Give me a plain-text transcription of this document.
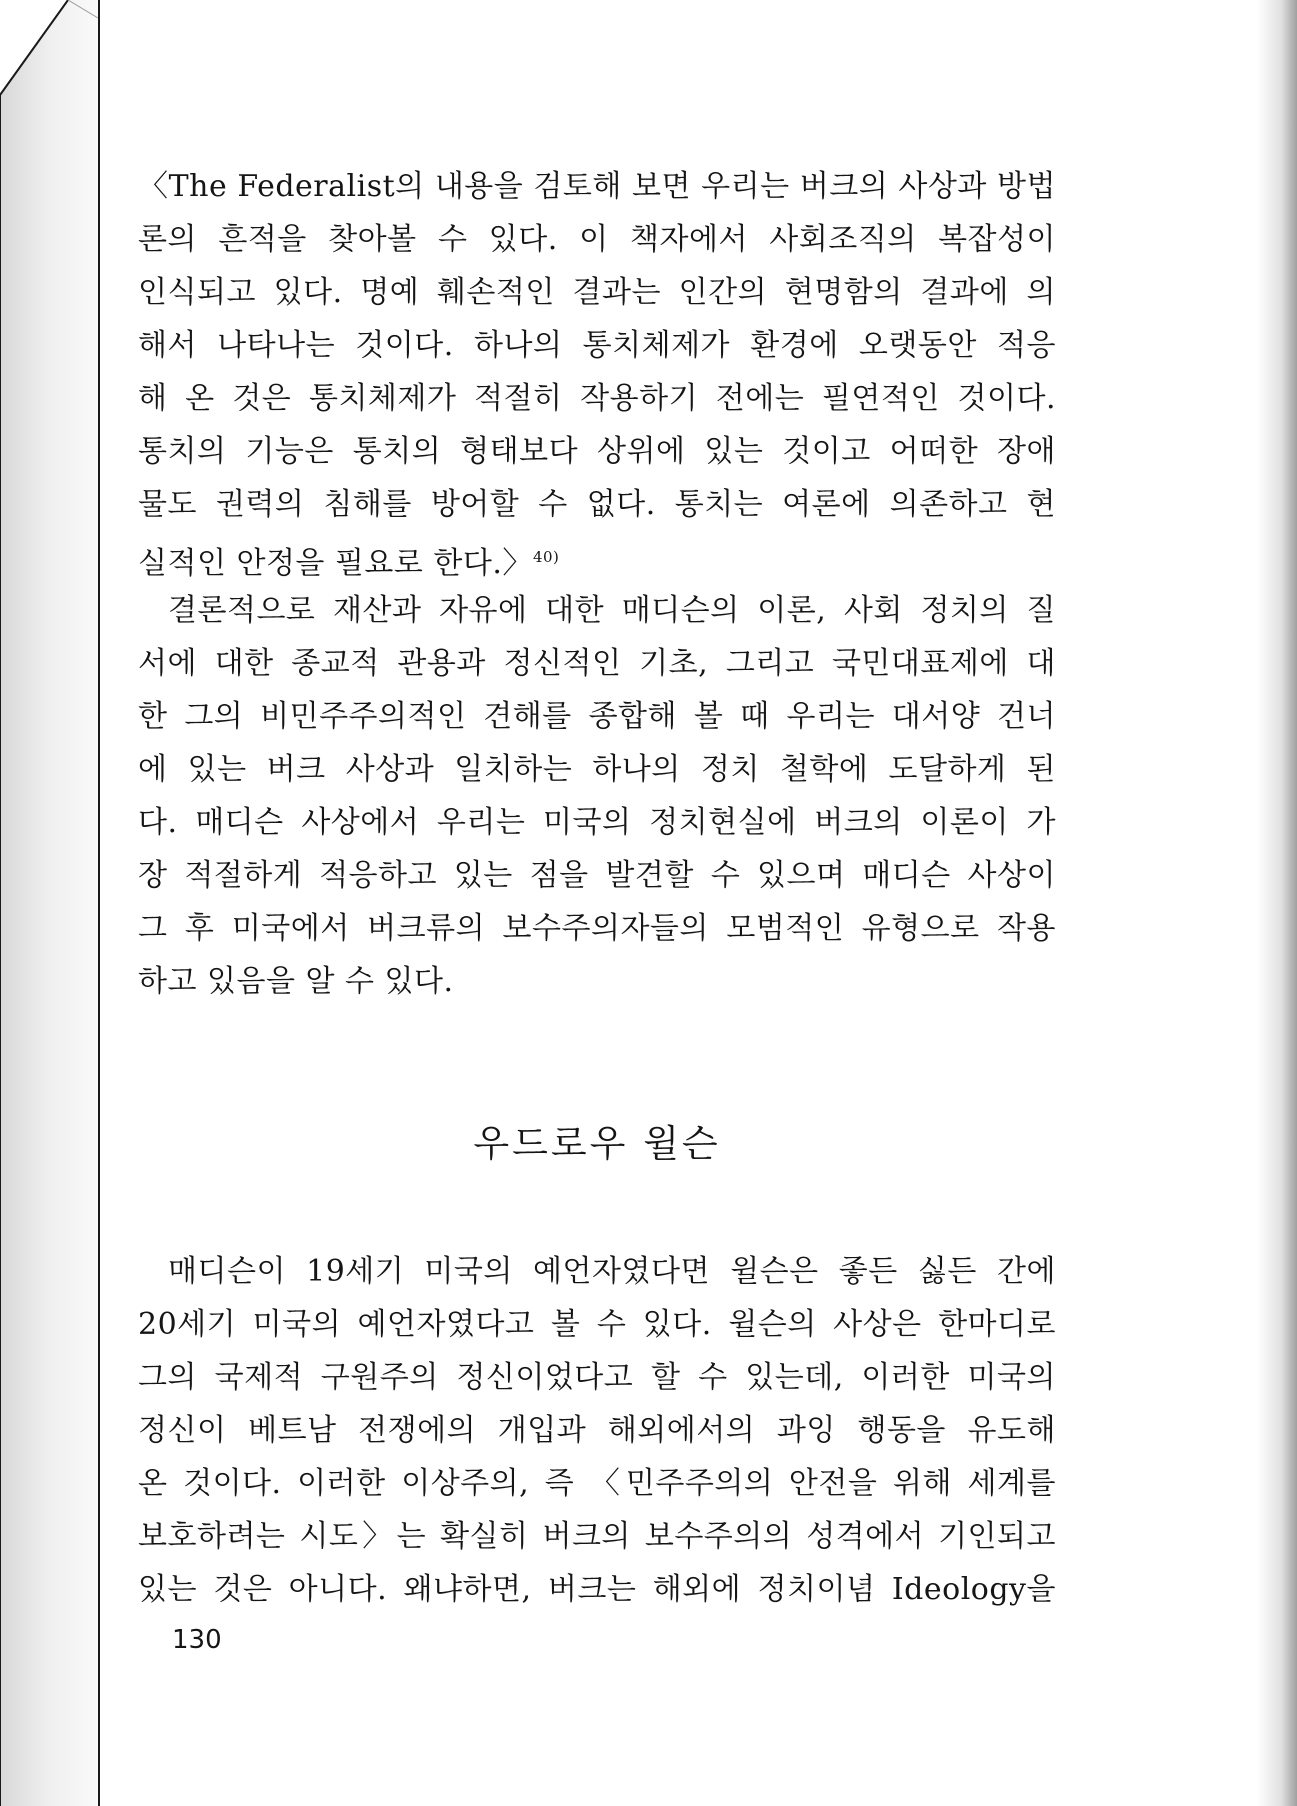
〈The Federalist의 내용을 검토해 보면 우리는 버크의 사상과 방법
론의 흔적을 찾아볼 수 있다. 이 책자에서 사회조직의 복잡성이
인식되고 있다. 명예 훼손적인 결과는 인간의 현명함의 결과에 의
해서 나타나는 것이다. 하나의 통치체제가 환경에 오랫동안 적응
해 온 것은 통치체제가 적절히 작용하기 전에는 필연적인 것이다.
통치의 기능은 통치의 형태보다 상위에 있는 것이고 어떠한 장애
물도 권력의 침해를 방어할 수 없다. 통치는 여론에 의존하고 현
실적인 안정을 필요로 한다.〉$^{40)}$
결론적으로 재산과 자유에 대한 매디슨의 이론, 사회 정치의 질
서에 대한 종교적 관용과 정신적인 기초, 그리고 국민대표제에 대
한 그의 비민주주의적인 견해를 종합해 볼 때 우리는 대서양 건너
에 있는 버크 사상과 일치하는 하나의 정치 철학에 도달하게 된
다. 매디슨 사상에서 우리는 미국의 정치현실에 버크의 이론이 가
장 적절하게 적응하고 있는 점을 발견할 수 있으며 매디슨 사상이
그 후 미국에서 버크류의 보수주의자들의 모범적인 유형으로 작용
하고 있음을 알 수 있다.
우드로우 윌슨
매디슨이 19세기 미국의 예언자였다면 윌슨은 좋든 싫든 간에
20세기 미국의 예언자였다고 볼 수 있다. 윌슨의 사상은 한마디로
그의 국제적 구원주의 정신이었다고 할 수 있는데, 이러한 미국의
정신이 베트남 전쟁에의 개입과 해외에서의 과잉 행동을 유도해
온 것이다. 이러한 이상주의, 즉 〈민주주의의 안전을 위해 세계를
보호하려는 시도〉는 확실히 버크의 보수주의의 성격에서 기인되고
있는 것은 아니다. 왜냐하면, 버크는 해외에 정치이념 Ideology을
130
